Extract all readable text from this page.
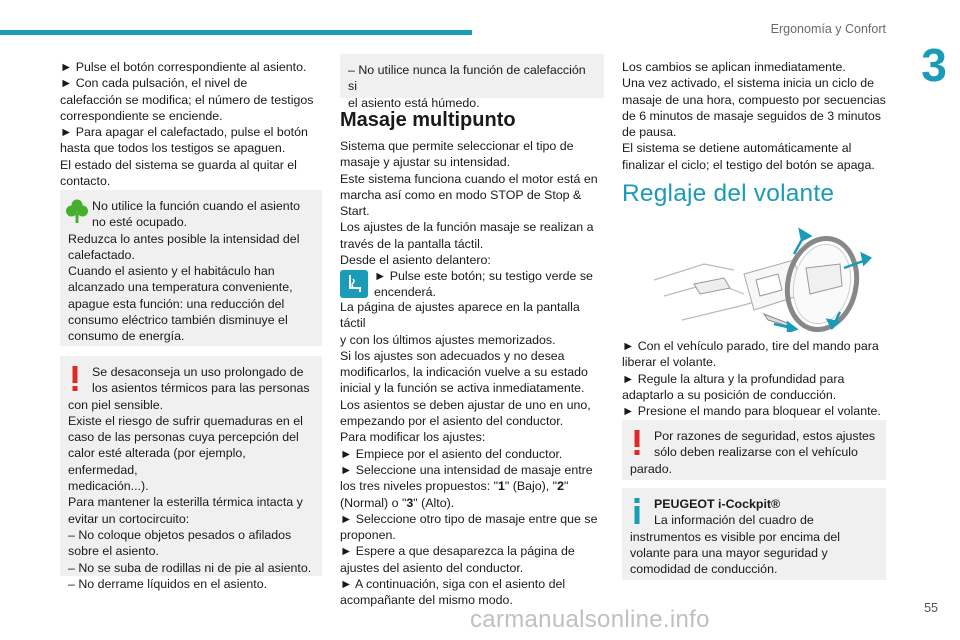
Ergonomía y Confort
3

► Pulse el botón correspondiente al asiento.

► Con cada pulsación, el nivel de

calefacción se modifica; el número de testigos

correspondiente se enciende.

► Para apagar el calefactado, pulse el botón

hasta que todos los testigos se apaguen.

El estado del sistema se guarda al quitar el

contacto.

No utilice la función cuando el asiento

no esté ocupado.

Reduzca lo antes posible la intensidad del

calefactado.

Cuando el asiento y el habitáculo han

alcanzado una temperatura conveniente,

apague esta función: una reducción del

consumo eléctrico también disminuye el

consumo de energía.

Se desaconseja un uso prolongado de

los asientos térmicos para las personas

con piel sensible.

Existe el riesgo de sufrir quemaduras en el

caso de las personas cuya percepción del

calor esté alterada (por ejemplo, enfermedad,

medicación...).

Para mantener la esterilla térmica intacta y

evitar un cortocircuito:

– No coloque objetos pesados o afilados

sobre el asiento.

– No se suba de rodillas ni de pie al asiento.

– No derrame líquidos en el asiento.

– No utilice nunca la función de calefacción si

el asiento está húmedo.

Masaje multipunto

Sistema que permite seleccionar el tipo de

masaje y ajustar su intensidad.

Este sistema funciona cuando el motor está en

marcha así como en modo STOP de Stop &

Start.

Los ajustes de la función masaje se realizan a

través de la pantalla táctil.

Desde el asiento delantero:

► Pulse este botón; su testigo verde se

encenderá.

La página de ajustes aparece en la pantalla táctil

y con los últimos ajustes memorizados.

Si los ajustes son adecuados y no desea

modificarlos, la indicación vuelve a su estado

inicial y la función se activa inmediatamente.

Los asientos se deben ajustar de uno en uno,

empezando por el asiento del conductor.

Para modificar los ajustes:

► Empiece por el asiento del conductor.

► Seleccione una intensidad de masaje entre

los tres niveles propuestos: "1" (Bajo), "2"

(Normal) o "3" (Alto).

► Seleccione otro tipo de masaje entre que se

proponen.

► Espere a que desaparezca la página de

ajustes del asiento del conductor.

► A continuación, siga con el asiento del

acompañante del mismo modo.

Los cambios se aplican inmediatamente.

Una vez activado, el sistema inicia un ciclo de

masaje de una hora, compuesto por secuencias

de 6 minutos de masaje seguidos de 3 minutos

de pausa.

El sistema se detiene automáticamente al

finalizar el ciclo; el testigo del botón se apaga.

Reglaje del volante

► Con el vehículo parado, tire del mando para

liberar el volante.

► Regule la altura y la profundidad para

adaptarlo a su posición de conducción.

► Presione el mando para bloquear el volante.

Por razones de seguridad, estos ajustes

sólo deben realizarse con el vehículo

parado.

PEUGEOT i-Cockpit®

La información del cuadro de

instrumentos es visible por encima del

volante para una mayor seguridad y

comodidad de conducción.

carmanualsonline.info	55
